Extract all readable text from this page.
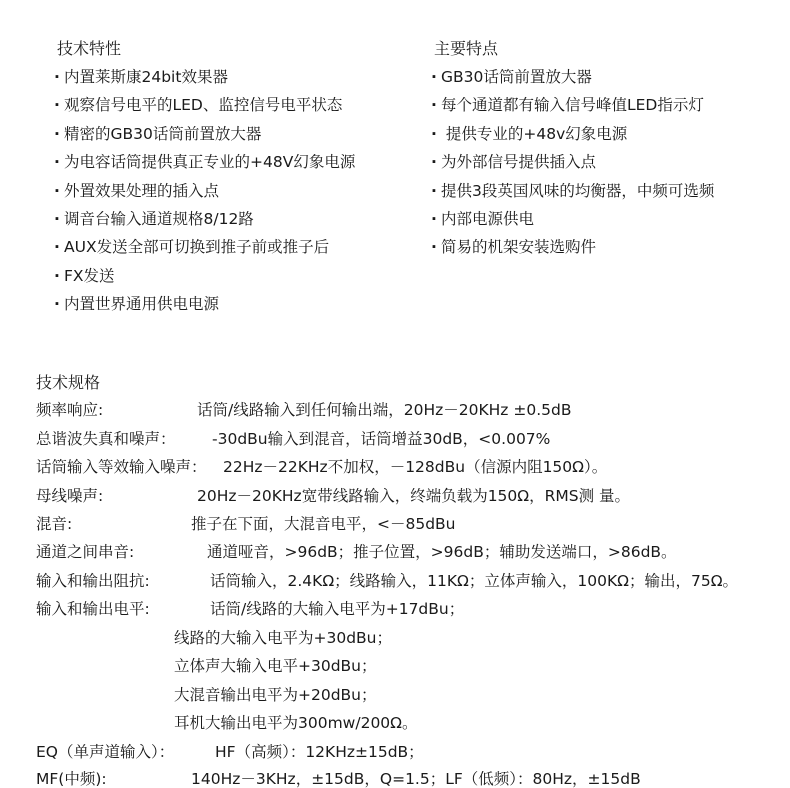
技术特性
· 内置莱斯康24bit效果器
· 观察信号电平的LED、监控信号电平状态
· 精密的GB30话筒前置放大器
· 为电容话筒提供真正专业的+48V幻象电源
· 外置效果处理的插入点
· 调音台输入通道规格8/12路
· AUX发送全部可切换到推子前或推子后
· FX发送
· 内置世界通用供电电源
主要特点
· GB30话筒前置放大器
· 每个通道都有输入信号峰值LED指示灯
· 提供专业的+48v幻象电源
· 为外部信号提供插入点
· 提供3段英国风味的均衡器，中频可选频
· 内部电源供电
· 简易的机架安装选购件
技术规格
频率响应:	话筒/线路输入到任何输出端，20Hz－20KHz ±0.5dB
总谐波失真和噪声： -30dBu输入到混音，话筒增益30dB，<0.007%
话筒输入等效输入噪声： 22Hz－22KHz不加权，－128dBu（信源内阻150Ω）。
母线噪声:	20Hz－20KHz宽带线路输入，终端负载为150Ω，RMS测 量。
混音:	推子在下面，大混音电平，<－85dBu
通道之间串音:	通道哑音，>96dB；推子位置，>96dB；辅助发送端口，>86dB。
输入和输出阻抗:	话筒输入，2.4KΩ；线路输入，11KΩ；立体声输入，100KΩ；输出，75Ω。
输入和输出电平:	话筒/线路的大输入电平为+17dBu；
线路的大输入电平为+30dBu；
立体声大输入电平+30dBu；
大混音输出电平为+20dBu；
耳机大输出电平为300mw/200Ω。
EQ（单声道输入）：	HF（高频）：12KHz±15dB；
MF(中频):	140Hz－3KHz，±15dB，Q=1.5；LF（低频）：80Hz，±15dB
